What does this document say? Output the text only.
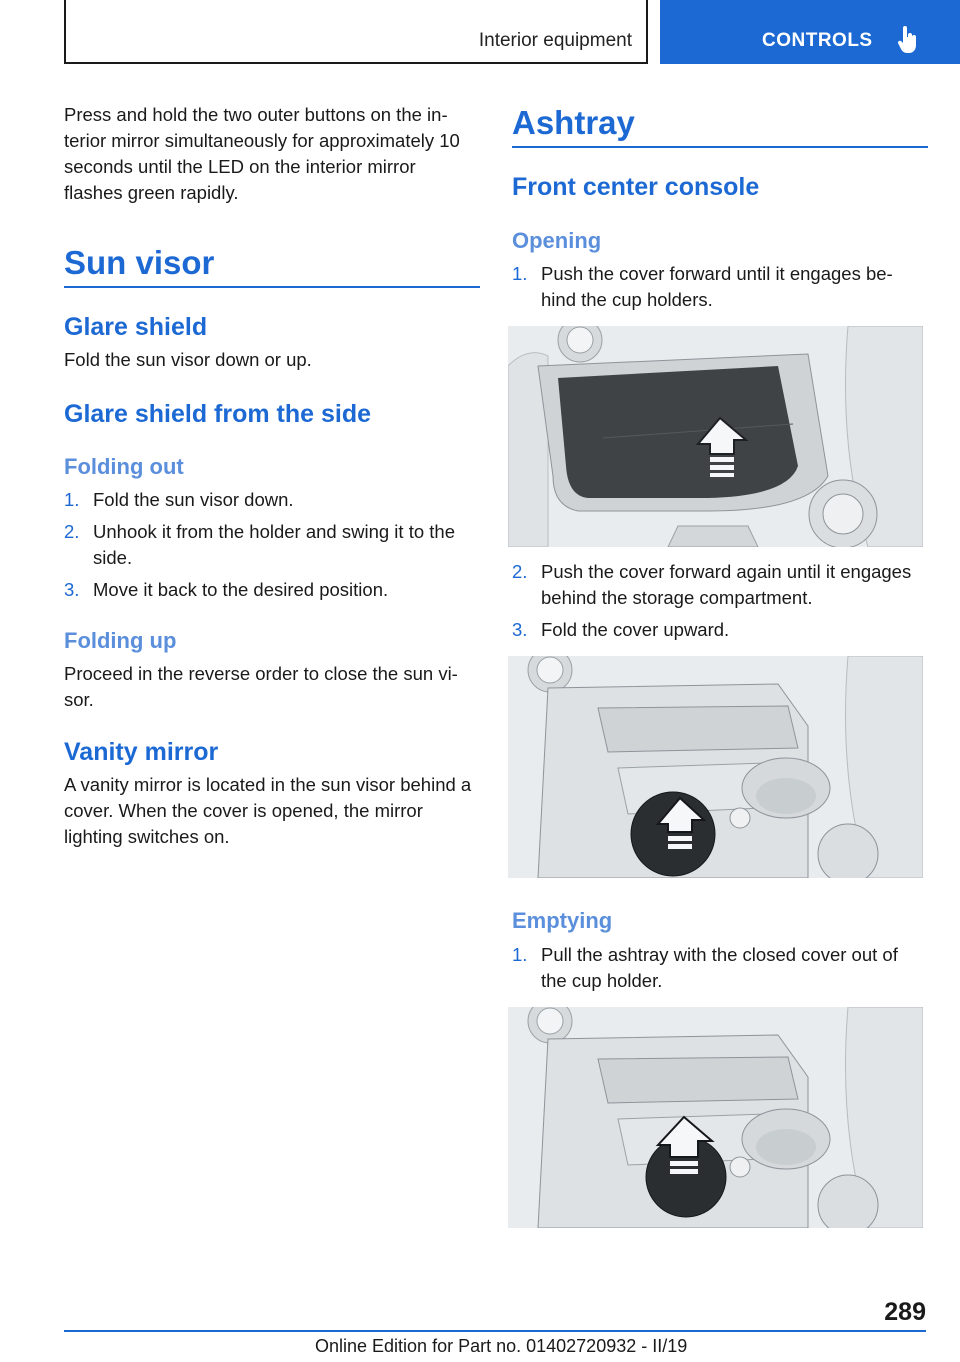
Interior equipment	CONTROLS

Press and hold the two outer buttons on the in-terior mirror simultaneously for approximately 10 seconds until the LED on the interior mirror flashes green rapidly.

Sun visor
Glare shield

Fold the sun visor down or up.

Glare shield from the side
Folding out
1. Fold the sun visor down.
2. Unhook it from the holder and swing it to the side.
3. Move it back to the desired position.
Folding up

Proceed in the reverse order to close the sun vi-sor.

Vanity mirror

A vanity mirror is located in the sun visor behind a cover. When the cover is opened, the mirror lighting switches on.

Ashtray
Front center console
Opening
1. Push the cover forward until it engages be-hind the cup holders.
2. Push the cover forward again until it engages behind the storage compartment.
3. Fold the cover upward.
Emptying
1. Pull the ashtray with the closed cover out of the cup holder.
289
Online Edition for Part no. 01402720932 - II/19
